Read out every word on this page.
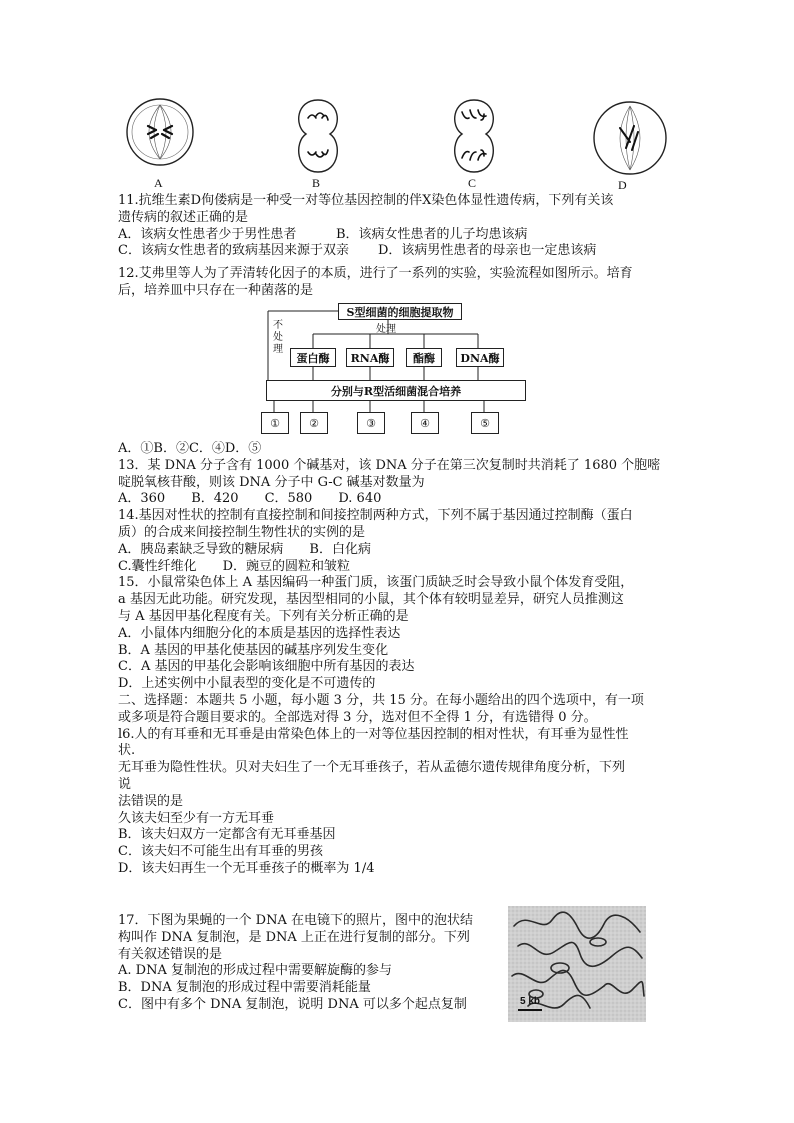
A	B	C	D
11.抗维生素D佝偻病是一种受一对等位基因控制的伴X染色体显性遗传病，下列有关该
遗传病的叙述正确的是
A．该病女性患者少于男性患者	B．该病女性患者的儿子均患该病
C．该病女性患者的致病基因来源于双亲 D．该病男性患者的母亲也一定患该病
12.艾弗里等人为了弄清转化因子的本质，进行了一系列的实验，实验流程如图所示。培育
后，培养皿中只存在一种菌落的是
S型细菌的细胞提取物
处理
不处理
蛋白酶	RNA酶	酯酶	DNA酶
分别与R型活细菌混合培养
①	②	③	④	⑤
A．①B．②C．④D．⑤
13．某 DNA 分子含有 1000 个碱基对，该 DNA 分子在第三次复制时共消耗了 1680 个胞嘧
啶脱氧核苷酸，则该 DNA 分子中 G-C 碱基对数量为
A．360　　B．420　　C．580　　D. 640
14.基因对性状的控制有直接控制和间接控制两种方式，下列不属于基因通过控制酶（蛋白
质）的合成来间接控制生物性状的实例的是
A．胰岛素缺乏导致的糖尿病　　B．白化病
C.囊性纤维化　　D．豌豆的圆粒和皱粒
15．小鼠常染色体上 A 基因编码一种蛋门质，该蛋门质缺乏时会导致小鼠个体发育受阻，
a 基因无此功能。研究发现，基因型相同的小鼠，其个体有较明显差异，研究人员推测这
与 A 基因甲基化程度有关。下列有关分析正确的是
A．小鼠体内细胞分化的本质是基因的选择性表达
B．A 基因的甲基化使基因的碱基序列发生变化
C．A 基因的甲基化会影响该细胞中所有基因的表达
D．上述实例中小鼠表型的变化是不可遗传的
二、选择题：本题共 5 小题，每小题 3 分，共 15 分。在每小题给出的四个选项中，有一项
或多项是符合题目要求的。全部选对得 3 分，选对但不全得 1 分，有选错得 0 分。
l6.人的有耳垂和无耳垂是由常染色体上的一对等位基因控制的相对性状，有耳垂为显性性
状.
无耳垂为隐性性状。贝对夫妇生了一个无耳垂孩子，若从孟德尔遗传规律角度分析，下列
说
法错误的是
久该夫妇至少有一方无耳垂
B．该夫妇双方一定都含有无耳垂基因
C．该夫妇不可能生出有耳垂的男孩
D．该夫妇再生一个无耳垂孩子的概率为 1/4
17．下图为果蝇的一个 DNA 在电镜下的照片，图中的泡状结
构叫作 DNA 复制泡，是 DNA 上正在进行复制的部分。下列
有关叙述错误的是
A. DNA 复制泡的形成过程中需要解旋酶的参与
B．DNA 复制泡的形成过程中需要消耗能量
C．图中有多个 DNA 复制泡，说明 DNA 可以多个起点复制	5 kb
